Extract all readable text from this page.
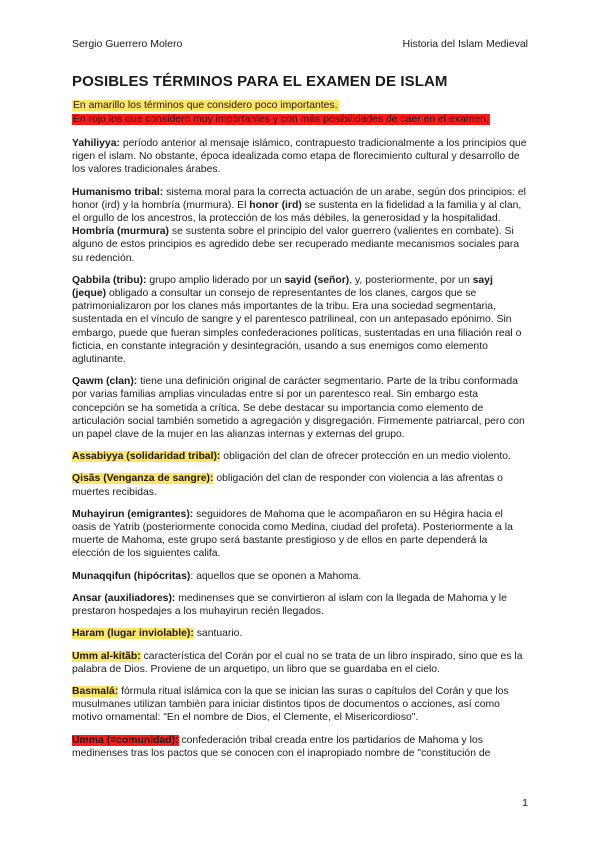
Sergio Guerrero Molero	Historia del Islam Medieval
POSIBLES TÉRMINOS PARA EL EXAMEN DE ISLAM
En amarillo los términos que considero poco importantes.
En rojo los que considero muy importantes y con más posibilidades de caer en el examen.

Yahiliyya: período anterior al mensaje islámico, contrapuesto tradicionalmente a los principios que rigen el islam. No obstante, época idealizada como etapa de florecimiento cultural y desarrollo de los valores tradicionales árabes.

Humanismo tribal: sistema moral para la correcta actuación de un arabe, según dos principios: el honor (ird) y la hombría (murmura). El honor (ird) se sustenta en la fidelidad a la familia y al clan, el orgullo de los ancestros, la protección de los más débiles, la generosidad y la hospitalidad. Hombría (murmura) se sustenta sobre el principio del valor guerrero (valientes en combate). Si alguno de estos principios es agredido debe ser recuperado mediante mecanismos sociales para su redención.

Qabbila (tribu): grupo amplio liderado por un sayid (señor), y, posteriormente, por un sayj (jeque) obligado a consultar un consejo de representantes de los clanes, cargos que se patrimonializaron por los clanes más importantes de la tribu. Era una sociedad segmentaria, sustentada en el vínculo de sangre y el parentesco patrilineal, con un antepasado epónimo. Sin embargo, puede que fueran simples confederaciones políticas, sustentadas en una filiación real o ficticia, en constante integración y desintegración, usando a sus enemigos como elemento aglutinante.

Qawm (clan): tiene una definición original de carácter segmentario. Parte de la tribu conformada por varias familias amplias vinculadas entre sí por un parentesco real. Sin embargo esta concepción se ha sometida a crítica. Se debe destacar su importancia como elemento de articulación social también sometido a agregación y disgregación. Firmemente patriarcal, pero con un papel clave de la mujer en las alianzas internas y externas del grupo.

Assabiyya (solidaridad tribal): obligación del clan de ofrecer protección en un medio violento.

Qisãs (Venganza de sangre): obligación del clan de responder con violencia a las afrentas o muertes recibidas.

Muhayirun (emigrantes): seguidores de Mahoma que le acompañaron en su Hégira hacia el oasis de Yatrib (posteriormente conocida como Medina, ciudad del profeta). Posteriormente a la muerte de Mahoma, este grupo será bastante prestigioso y de ellos en parte dependerá la elección de los siguientes califa.

Munaqqifun (hipócritas): aquellos que se oponen a Mahoma.

Ansar (auxiliadores): medinenses que se convirtieron al islam con la llegada de Mahoma y le prestaron hospedajes a los muhayirun recién llegados.

Haram (lugar inviolable): santuario.

Umm al-kitãb: característica del Corán por el cual no se trata de un libro inspirado, sino que es la palabra de Dios. Proviene de un arquetipo, un libro que se guardaba en el cielo.

Basmalá: fórmula ritual islámica con la que se inician las suras o capítulos del Corán y que los musulmanes utilizan también para iniciar distintos tipos de documentos o acciones, así como motivo ornamental: "En el nombre de Dios, el Clemente, el Misericordioso".

Umma (=comunidad): confederación tribal creada entre los partidarios de Mahoma y los medinenses tras los pactos que se conocen con el inapropiado nombre de "constitución de

1
